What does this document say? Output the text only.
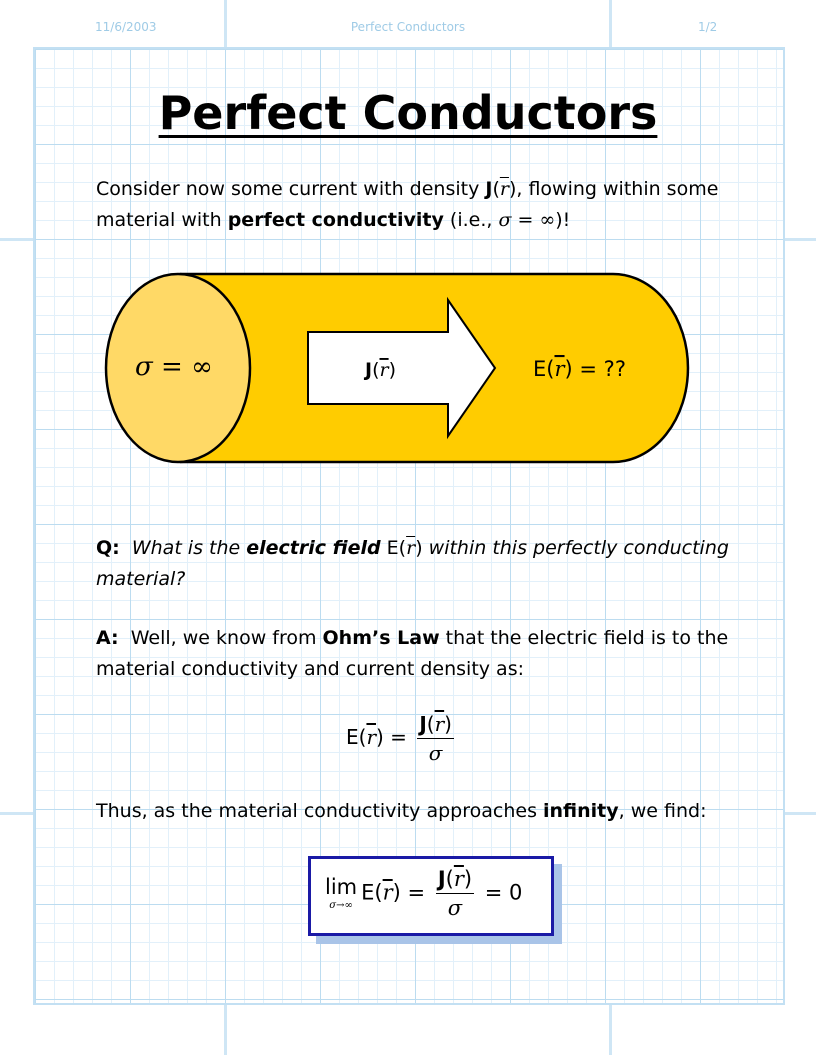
11/6/2003	Perfect Conductors	1/2
Perfect Conductors
Consider now some current with density $J(\overline{r})$, flowing within some material with perfect conductivity (i.e., σ = ∞)!
σ = ∞	J(r)	E(r) = ??
Q: What is the electric field $E(\overline{r})$ within this perfectly conducting material?
A: Well, we know from Ohm’s Law that the electric field is to the material conductivity and current density as:
$E(\overline{r}) = \frac{J(\overline{r})}{\sigma}$
Thus, as the material conductivity approaches infinity, we find:
lim
σ→∞
$E(\overline{r}) = \frac{J(\overline{r})}{\sigma} = 0$
